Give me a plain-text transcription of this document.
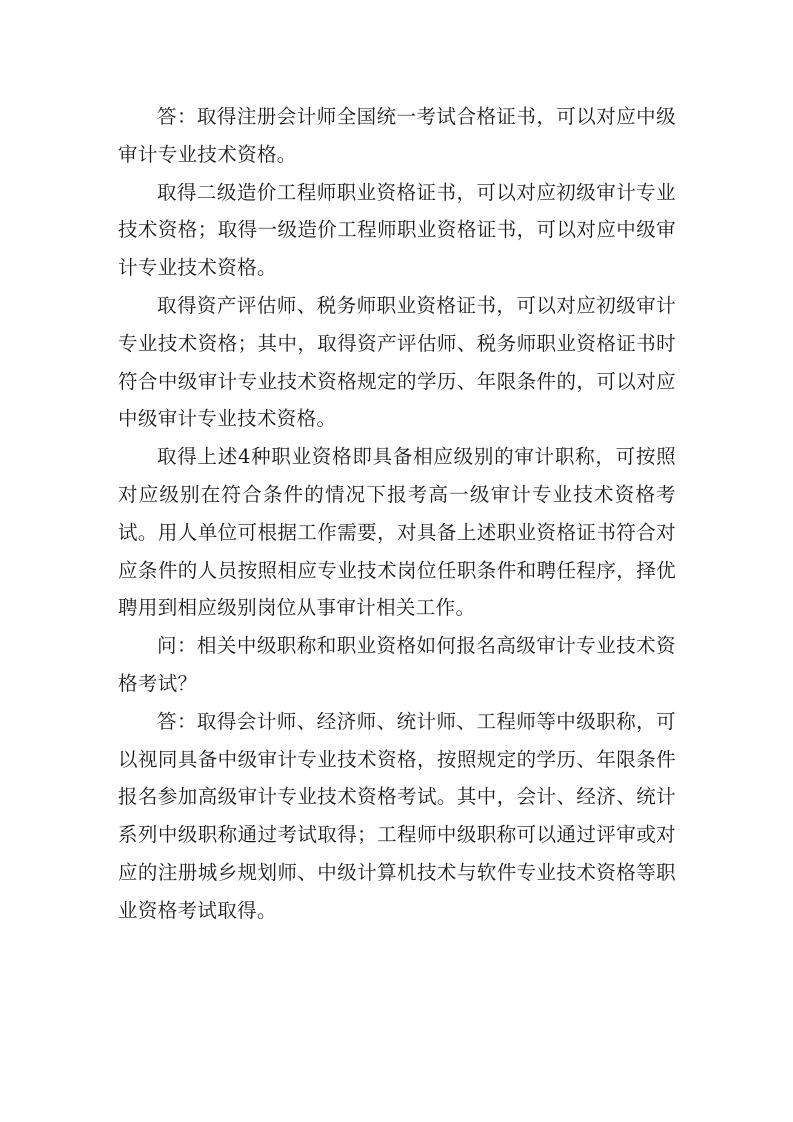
答：取得注册会计师全国统一考试合格证书，可以对应中级审计专业技术资格。

取得二级造价工程师职业资格证书，可以对应初级审计专业技术资格；取得一级造价工程师职业资格证书，可以对应中级审计专业技术资格。

取得资产评估师、税务师职业资格证书，可以对应初级审计专业技术资格；其中，取得资产评估师、税务师职业资格证书时符合中级审计专业技术资格规定的学历、年限条件的，可以对应中级审计专业技术资格。

取得上述4种职业资格即具备相应级别的审计职称，可按照对应级别在符合条件的情况下报考高一级审计专业技术资格考试。用人单位可根据工作需要，对具备上述职业资格证书符合对应条件的人员按照相应专业技术岗位任职条件和聘任程序，择优聘用到相应级别岗位从事审计相关工作。

问：相关中级职称和职业资格如何报名高级审计专业技术资格考试？

答：取得会计师、经济师、统计师、工程师等中级职称，可以视同具备中级审计专业技术资格，按照规定的学历、年限条件报名参加高级审计专业技术资格考试。其中，会计、经济、统计系列中级职称通过考试取得；工程师中级职称可以通过评审或对应的注册城乡规划师、中级计算机技术与软件专业技术资格等职业资格考试取得。
